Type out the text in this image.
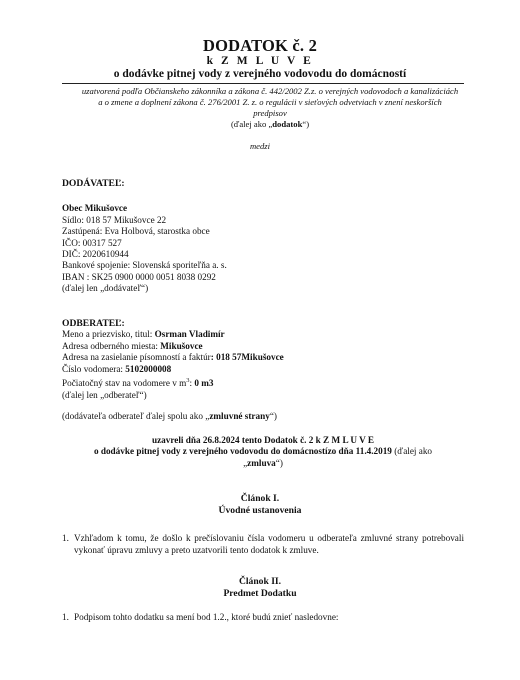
DODATOK č. 2
k Z M L U V E
o dodávke pitnej vody z verejného vodovodu do domácností
uzatvorená podľa Občianskeho zákonníka a zákona č. 442/2002 Z.z. o verejných vodovodoch a kanalizáciách
a o zmene a doplnení zákona č. 276/2001 Z. z. o regulácii v sieťových odvetviach v znení neskorších
predpisov
(ďalej ako „dodatok“)
medzi

DODÁVATEĽ:

Obec Mikušovce
Sídlo: 018 57 Mikušovce 22
Zastúpená: Eva Holbová, starostka obce
IČO: 00317 527
DIČ: 2020610944
Bankové spojenie: Slovenská sporiteľňa a. s.
IBAN : SK25 0900 0000 0051 8038 0292
(ďalej len „dodávateľ“)

ODBERATEĽ:

Meno a priezvisko, titul: Osrman Vladimír
Adresa odberného miesta: Mikušovce
Adresa na zasielanie písomností a faktúr: 018 57Mikušovce
Číslo vodomera: 5102000008
Počiatočný stav na vodomere v $m^3$: 0 m3
(ďalej len „odberateľ“)
(dodávateľa odberateľ ďalej spolu ako „zmluvné strany“)
uzavreli dňa 26.8.2024 tento Dodatok č. 2 k Z M L U V E
o dodávke pitnej vody z verejného vodovodu do domácnostízo dňa 11.4.2019 (ďalej ako
„zmluva“)
Článok I.
Úvodné ustanovenia
1. Vzhľadom k tomu, že došlo k prečíslovaniu čísla vodomeru u odberateľa zmluvné strany potrebovali vykonať úpravu zmluvy a preto uzatvorili tento dodatok k zmluve.
Článok II.
Predmet Dodatku
1. Podpisom tohto dodatku sa mení bod 1.2., ktoré budú znieť nasledovne:
